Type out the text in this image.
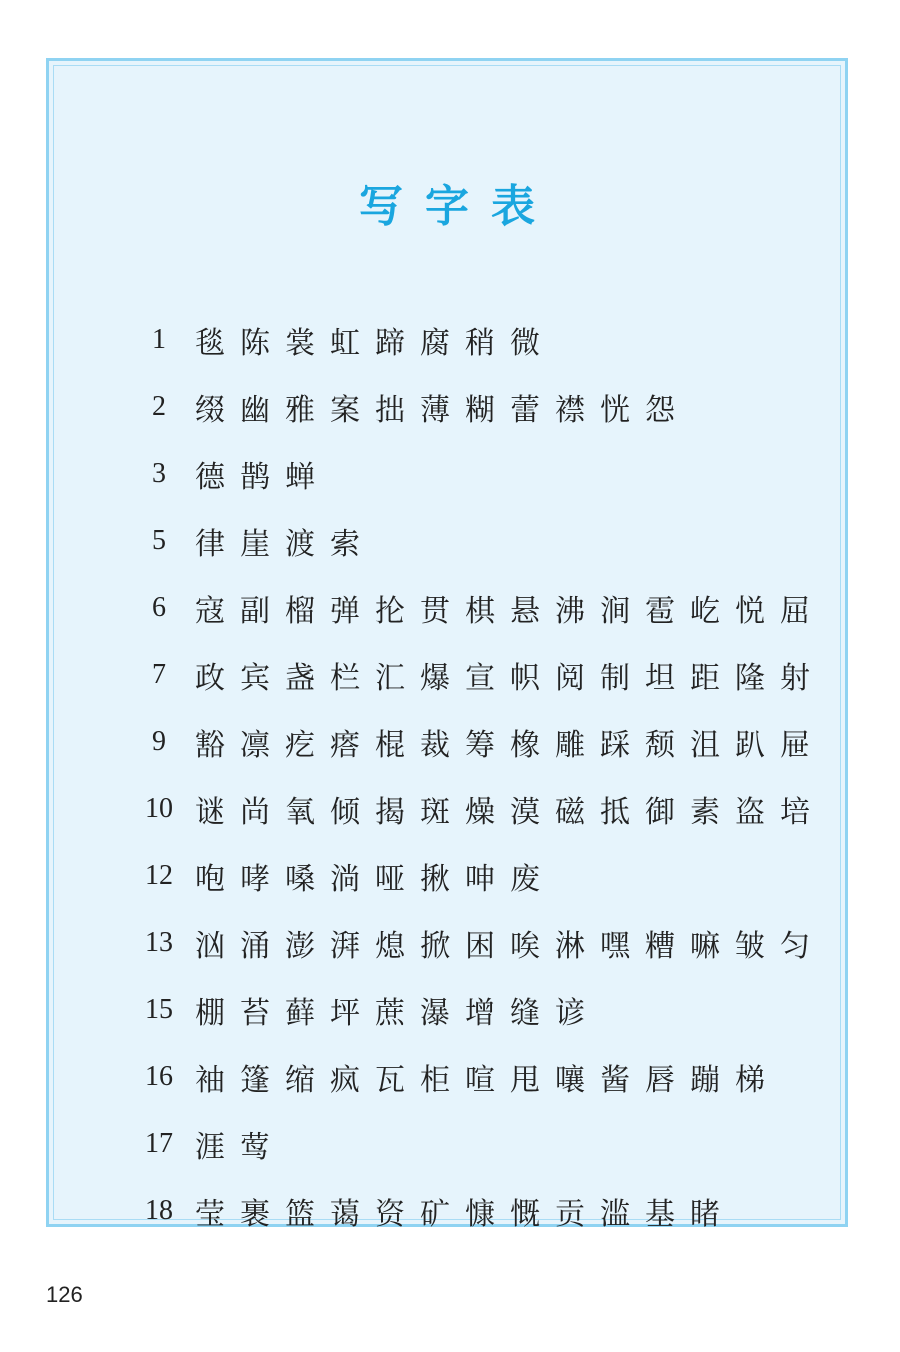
写字表
1 毯陈裳虹蹄腐稍微
2 缀幽雅案拙薄糊蕾襟恍怨
3 德鹊蝉
5 律崖渡索
6 寇副榴弹抡贯棋悬沸涧雹屹悦屈
7 政宾盏栏汇爆宣帜阅制坦距隆射
9 豁凛疙瘩棍裁筹橡雕踩颓沮趴屉
10 谜尚氧倾揭斑燥漠磁抵御素盗培
12 咆哮嗓淌哑揪呻废
13 汹涌澎湃熄掀困唉淋嘿糟嘛皱匀
15 棚苔藓坪蔗瀑增缝谚
16 袖篷缩疯瓦柜喧甩嚷酱唇蹦梯
17 涯莺
18 莹裹篮蔼资矿慷慨贡滥基睹
126
